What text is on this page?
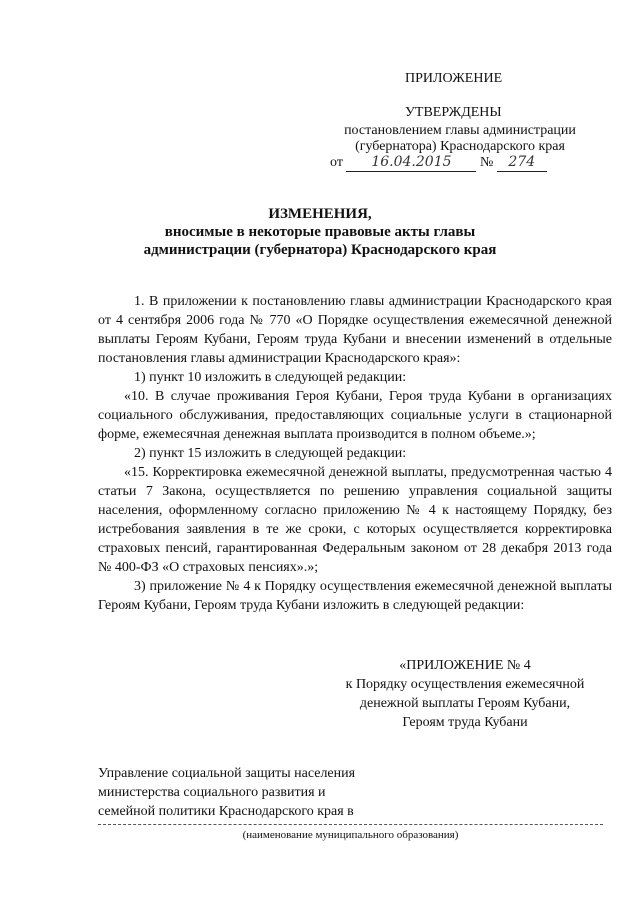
ПРИЛОЖЕНИЕ
УТВЕРЖДЕНЫ
постановлением главы администрации
(губернатора) Краснодарского края
от 16.04.2015 № 274
ИЗМЕНЕНИЯ,
вносимые в некоторые правовые акты главы
администрации (губернатора) Краснодарского края

1. В приложении к постановлению главы администрации Краснодарского края от 4 сентября 2006 года № 770 «О Порядке осуществления ежемесячной денежной выплаты Героям Кубани, Героям труда Кубани и внесении изменений в отдельные постановления главы администрации Краснодарского края»:

1) пункт 10 изложить в следующей редакции:

«10. В случае проживания Героя Кубани, Героя труда Кубани в организациях социального обслуживания, предоставляющих социальные услуги в стационарной форме, ежемесячная денежная выплата производится в полном объеме.»;

2) пункт 15 изложить в следующей редакции:

«15. Корректировка ежемесячной денежной выплаты, предусмотренная частью 4 статьи 7 Закона, осуществляется по решению управления социальной защиты населения, оформленному согласно приложению № 4 к настоящему Порядку, без истребования заявления в те же сроки, с которых осуществляется корректировка страховых пенсий, гарантированная Федеральным законом от 28 декабря 2013 года № 400-ФЗ «О страховых пенсиях».»;

3) приложение № 4 к Порядку осуществления ежемесячной денежной выплаты Героям Кубани, Героям труда Кубани изложить в следующей редакции:

«ПРИЛОЖЕНИЕ № 4
к Порядку осуществления ежемесячной
денежной выплаты Героям Кубани,
Героям труда Кубани
Управление социальной защиты населения
министерства социального развития и
семейной политики Краснодарского края в
(наименование муниципального образования)
